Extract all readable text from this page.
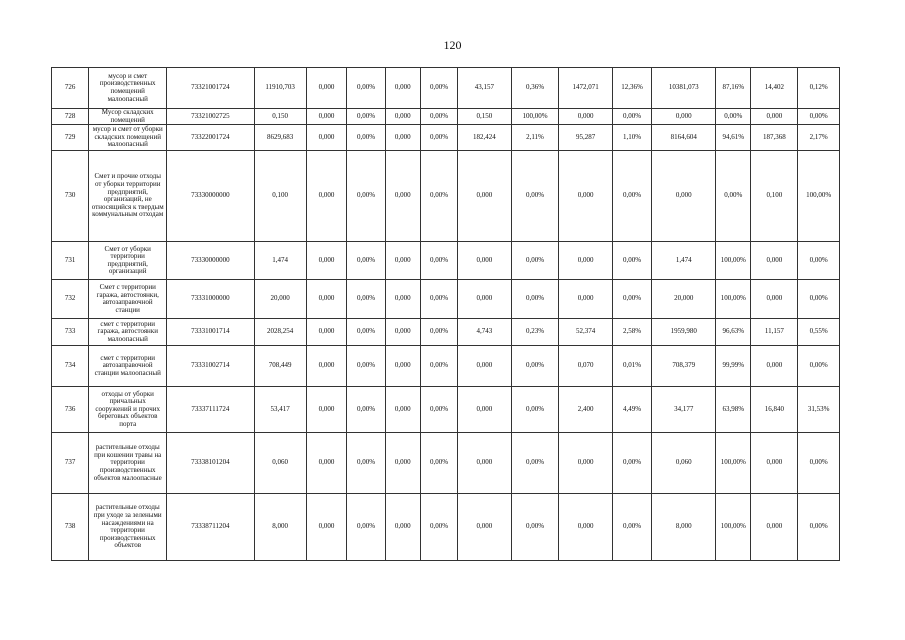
120
726	мусор и смет производственных помещений малоопасный	73321001724	11910,703	0,000	0,00%	0,000	0,00%	43,157	0,36%	1472,071	12,36%	10381,073	87,16%	14,402	0,12%
728	Мусор складских помещений	73321002725	0,150	0,000	0,00%	0,000	0,00%	0,150	100,00%	0,000	0,00%	0,000	0,00%	0,000	0,00%
729	мусор и смет от уборки складских помещений малоопасный	73322001724	8629,683	0,000	0,00%	0,000	0,00%	182,424	2,11%	95,287	1,10%	8164,604	94,61%	187,368	2,17%
730	Смет и прочие отходы от уборки территории предприятий, организаций, не относящийся к твердым коммунальным отходам	73330000000	0,100	0,000	0,00%	0,000	0,00%	0,000	0,00%	0,000	0,00%	0,000	0,00%	0,100	100,00%
731	Смет от уборки территории предприятий, организаций	73330000000	1,474	0,000	0,00%	0,000	0,00%	0,000	0,00%	0,000	0,00%	1,474	100,00%	0,000	0,00%
732	Смет с территории гаража, автостоянки, автозаправочной станции	73331000000	20,000	0,000	0,00%	0,000	0,00%	0,000	0,00%	0,000	0,00%	20,000	100,00%	0,000	0,00%
733	смет с территории гаража, автостоянки малоопасный	73331001714	2028,254	0,000	0,00%	0,000	0,00%	4,743	0,23%	52,374	2,58%	1959,980	96,63%	11,157	0,55%
734	смет с территории автозаправочной станции малоопасный	73331002714	708,449	0,000	0,00%	0,000	0,00%	0,000	0,00%	0,070	0,01%	708,379	99,99%	0,000	0,00%
736	отходы от уборки причальных сооружений и прочих береговых объектов порта	73337111724	53,417	0,000	0,00%	0,000	0,00%	0,000	0,00%	2,400	4,49%	34,177	63,98%	16,840	31,53%
737	растительные отходы при кошении травы на территории производственных объектов малоопасные	73338101204	0,060	0,000	0,00%	0,000	0,00%	0,000	0,00%	0,000	0,00%	0,060	100,00%	0,000	0,00%
738	растительные отходы при уходе за зелеными насаждениями на территории производственных объектов	73338711204	8,000	0,000	0,00%	0,000	0,00%	0,000	0,00%	0,000	0,00%	8,000	100,00%	0,000	0,00%
